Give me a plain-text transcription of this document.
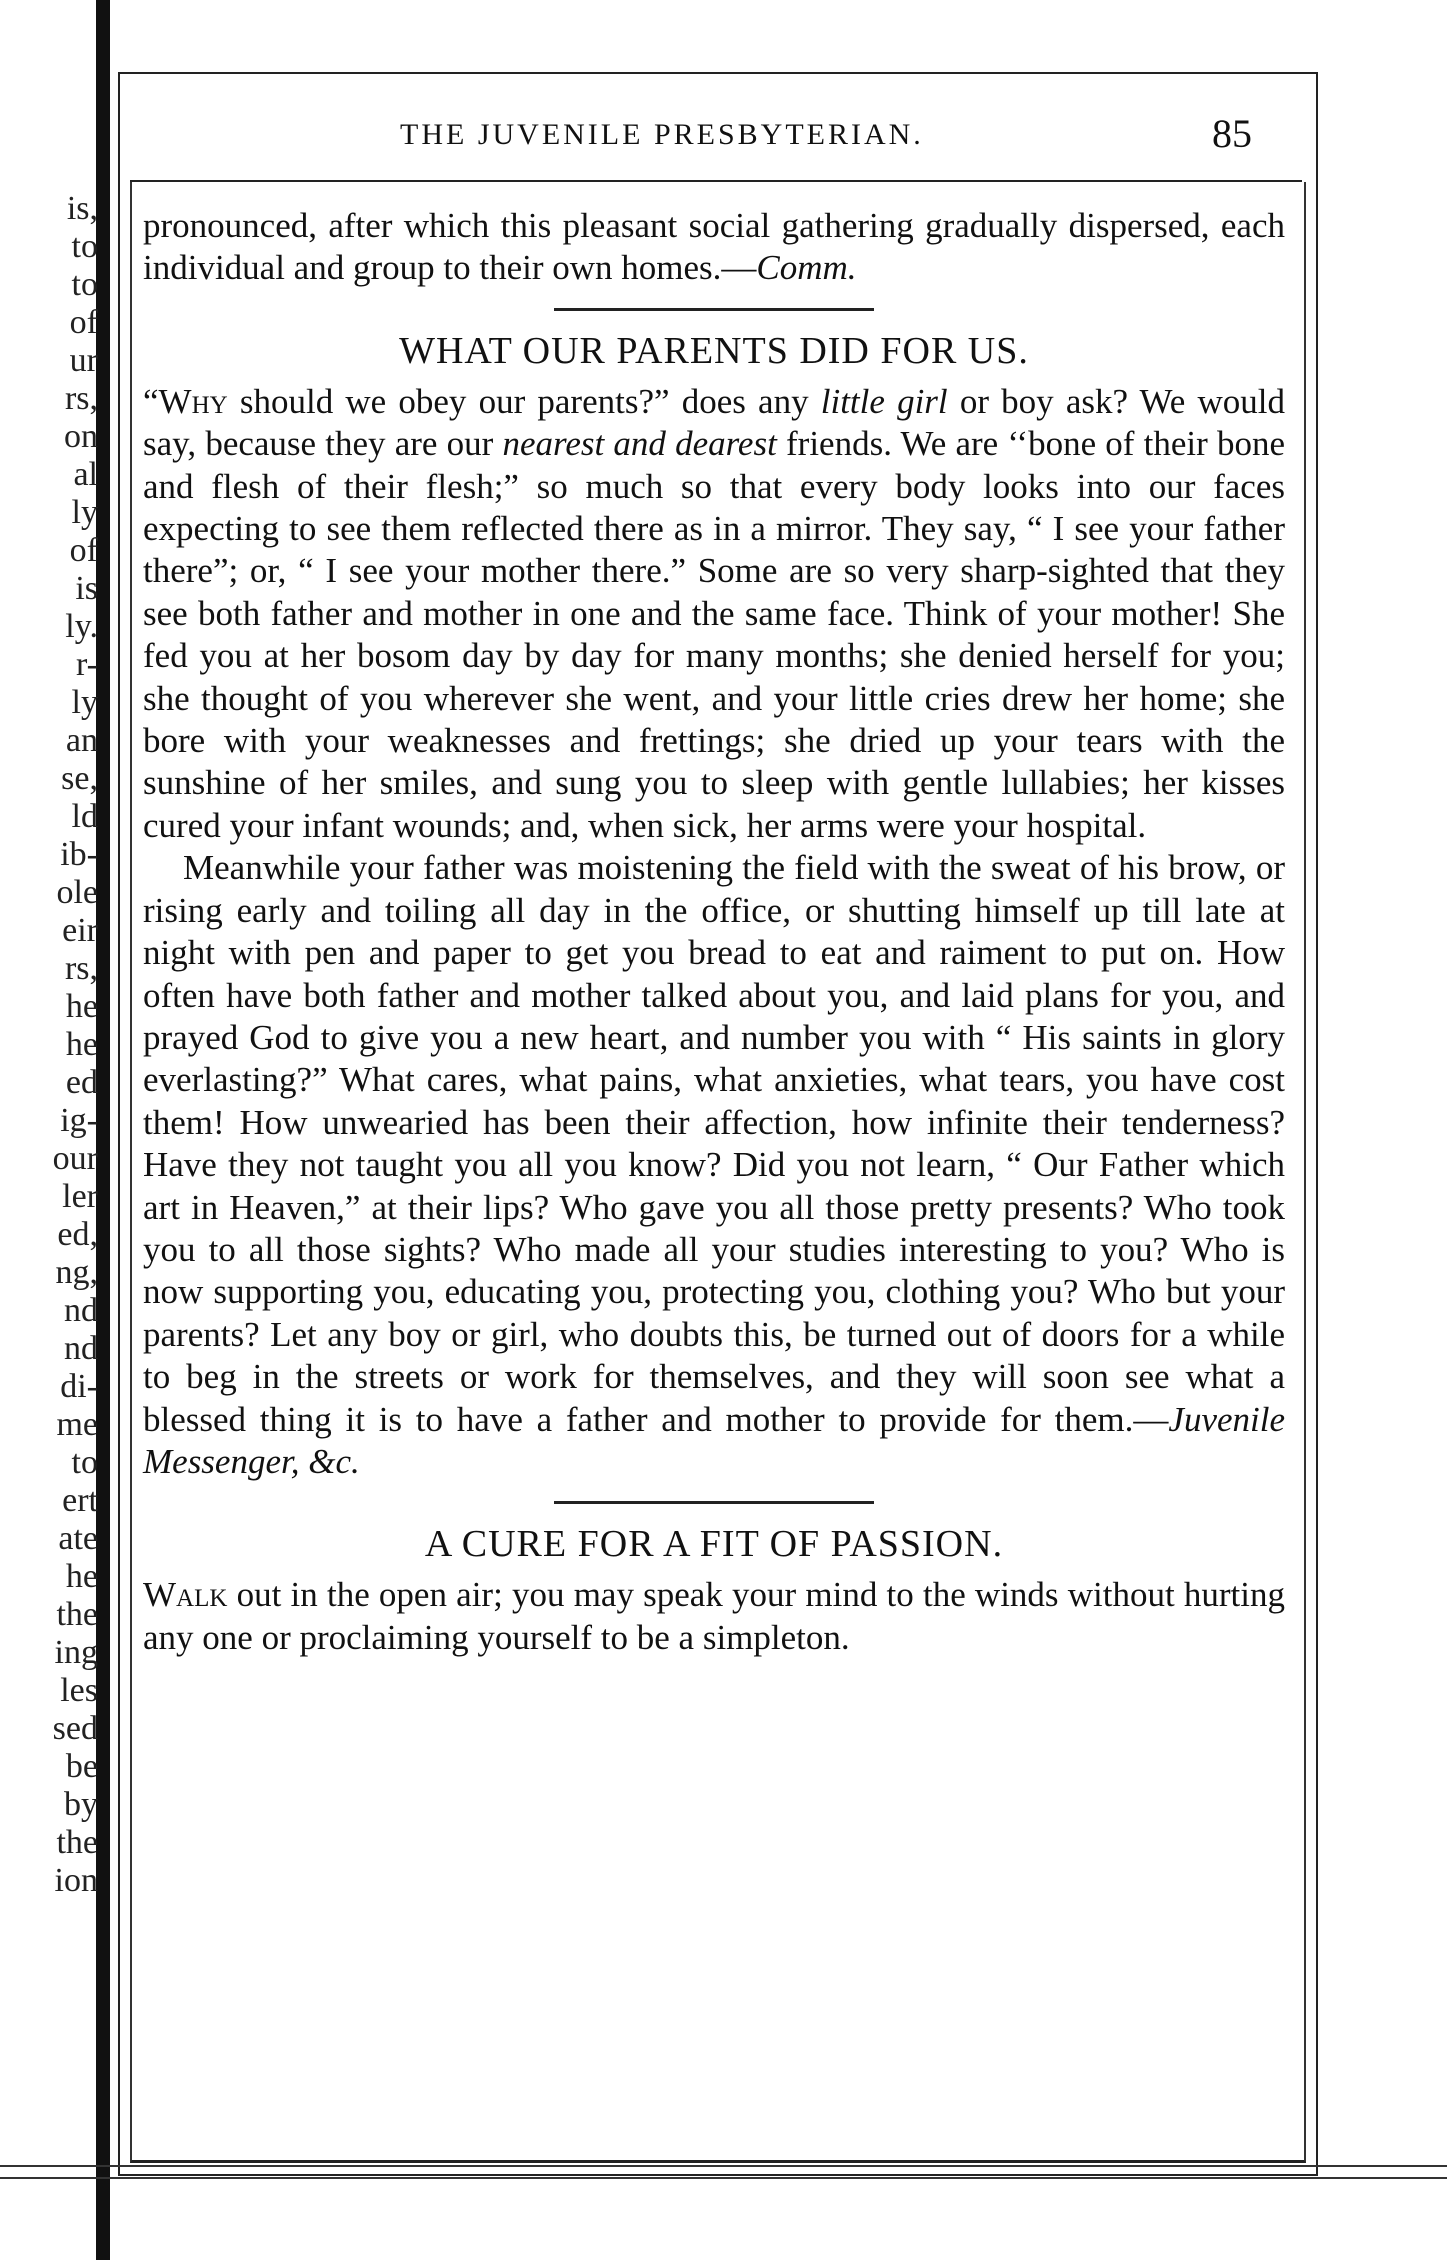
is,
to
to
of
ur
rs,
on
al
ly
of
is
ly.
r-
ly
an
se,
ld
ib-
ole
eir
rs,
he
he
ed
ig-
our
ler
ed,
ng,
nd
nd
di-
me
to
ert
ate
he
the
ing
les
sed
be
by
the
ion
THE JUVENILE PRESBYTERIAN.	85

pronounced, after which this pleasant social gathering gradually dispersed, each individual and group to their own homes.—Comm.

WHAT OUR PARENTS DID FOR US.

“Why should we obey our parents?” does any little girl or boy ask? We would say, because they are our nearest and dearest friends. We are ‘‘bone of their bone and flesh of their flesh;” so much so that every body looks into our faces expecting to see them reflected there as in a mirror. They say, “ I see your father there”; or, “ I see your mother there.” Some are so very sharp-sighted that they see both father and mother in one and the same face. Think of your mother! She fed you at her bosom day by day for many months; she denied herself for you; she thought of you wherever she went, and your little cries drew her home; she bore with your weaknesses and frettings; she dried up your tears with the sunshine of her smiles, and sung you to sleep with gentle lullabies; her kisses cured your infant wounds; and, when sick, her arms were your hospital.

Meanwhile your father was moistening the field with the sweat of his brow, or rising early and toiling all day in the office, or shutting himself up till late at night with pen and paper to get you bread to eat and raiment to put on. How often have both father and mother talked about you, and laid plans for you, and prayed God to give you a new heart, and number you with “ His saints in glory everlasting?” What cares, what pains, what anxieties, what tears, you have cost them! How unwearied has been their affection, how infinite their tenderness? Have they not taught you all you know? Did you not learn, “ Our Father which art in Heaven,” at their lips? Who gave you all those pretty presents? Who took you to all those sights? Who made all your studies interesting to you? Who is now supporting you, educating you, protecting you, clothing you? Who but your parents? Let any boy or girl, who doubts this, be turned out of doors for a while to beg in the streets or work for themselves, and they will soon see what a blessed thing it is to have a father and mother to provide for them.—Juvenile Messenger, &c.

A CURE FOR A FIT OF PASSION.

Walk out in the open air; you may speak your mind to the winds without hurting any one or proclaiming yourself to be a simpleton.
